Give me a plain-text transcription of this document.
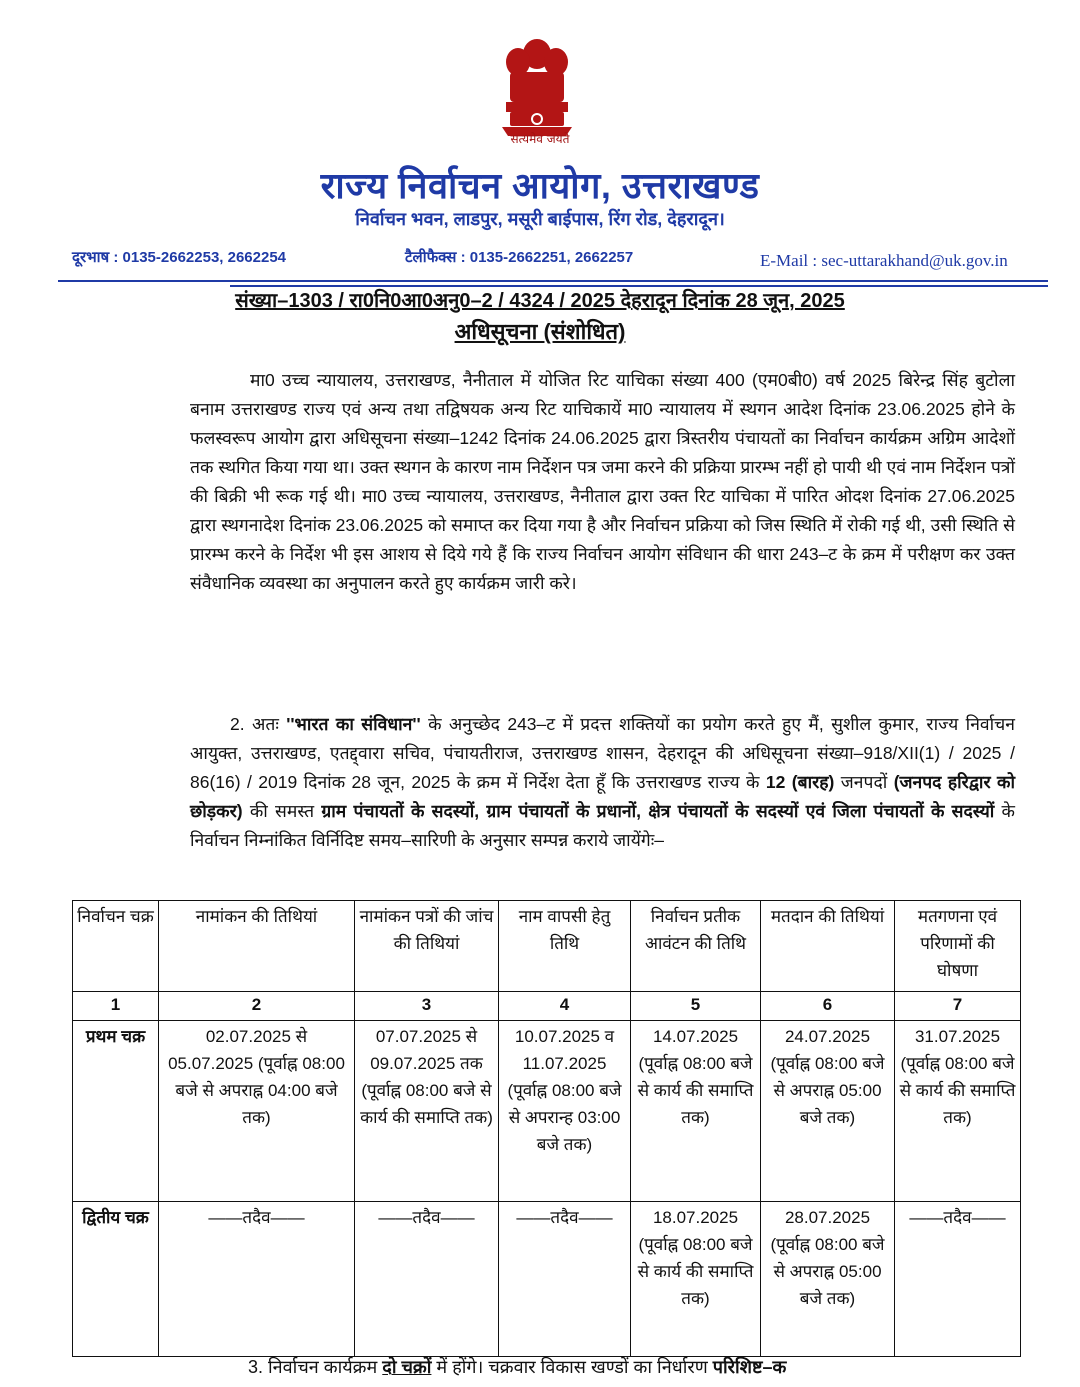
सत्यमेव जयते
राज्य निर्वाचन आयोग, उत्तराखण्ड
निर्वाचन भवन, लाडपुर, मसूरी बाईपास, रिंग रोड, देहरादून।
दूरभाष : 0135-2662253, 2662254	टैलीफैक्स : 0135-2662251, 2662257	E-Mail : sec-uttarakhand@uk.gov.in
संख्या–1303 / रा0नि0आ0अनु0–2 / 4324 / 2025 देहरादून दिनांक 28 जून, 2025
अधिसूचना (संशोधित)
मा0 उच्च न्यायालय, उत्तराखण्ड, नैनीताल में योजित रिट याचिका संख्या 400 (एम0बी0) वर्ष 2025 बिरेन्द्र सिंह बुटोला बनाम उत्तराखण्ड राज्य एवं अन्य तथा तद्विषयक अन्य रिट याचिकायें मा0 न्यायालय में स्थगन आदेश दिनांक 23.06.2025 होने के फलस्वरूप आयोग द्वारा अधिसूचना संख्या–1242 दिनांक 24.06.2025 द्वारा त्रिस्तरीय पंचायतों का निर्वाचन कार्यक्रम अग्रिम आदेशों तक स्थगित किया गया था। उक्त स्थगन के कारण नाम निर्देशन पत्र जमा करने की प्रक्रिया प्रारम्भ नहीं हो पायी थी एवं नाम निर्देशन पत्रों की बिक्री भी रूक गई थी। मा0 उच्च न्यायालय, उत्तराखण्ड, नैनीताल द्वारा उक्त रिट याचिका में पारित ओदश दिनांक 27.06.2025 द्वारा स्थगनादेश दिनांक 23.06.2025 को समाप्त कर दिया गया है और निर्वाचन प्रक्रिया को जिस स्थिति में रोकी गई थी, उसी स्थिति से प्रारम्भ करने के निर्देश भी इस आशय से दिये गये हैं कि राज्य निर्वाचन आयोग संविधान की धारा 243–ट के क्रम में परीक्षण कर उक्त संवैधानिक व्यवस्था का अनुपालन करते हुए कार्यक्रम जारी करे।
2. अतः ''भारत का संविधान'' के अनुच्छेद 243–ट में प्रदत्त शक्तियों का प्रयोग करते हुए मैं, सुशील कुमार, राज्य निर्वाचन आयुक्त, उत्तराखण्ड, एतद्द्वारा सचिव, पंचायतीराज, उत्तराखण्ड शासन, देहरादून की अधिसूचना संख्या–918/XII(1) / 2025 / 86(16) / 2019 दिनांक 28 जून, 2025 के क्रम में निर्देश देता हूँ कि उत्तराखण्ड राज्य के 12 (बारह) जनपदों (जनपद हरिद्वार को छोड़कर) की समस्त ग्राम पंचायतों के सदस्यों, ग्राम पंचायतों के प्रधानों, क्षेत्र पंचायतों के सदस्यों एवं जिला पंचायतों के सदस्यों के निर्वाचन निम्नांकित विर्निदिष्ट समय–सारिणी के अनुसार सम्पन्न कराये जायेंगेः–
निर्वाचन चक्र	नामांकन की तिथियां	नामांकन पत्रों की जांच की तिथियां	नाम वापसी हेतु तिथि	निर्वाचन प्रतीक आवंटन की तिथि	मतदान की तिथियां	मतगणना एवं परिणामों की घोषणा
1	2	3	4	5	6	7
प्रथम चक्र	02.07.2025 से 05.07.2025 (पूर्वाह्न 08:00 बजे से अपराह्न 04:00 बजे तक)	07.07.2025 से 09.07.2025 तक (पूर्वाह्न 08:00 बजे से कार्य की समाप्ति तक)	10.07.2025 व 11.07.2025 (पूर्वाह्न 08:00 बजे से अपरान्ह 03:00 बजे तक)	14.07.2025 (पूर्वाह्न 08:00 बजे से कार्य की समाप्ति तक)	24.07.2025 (पूर्वाह्न 08:00 बजे से अपराह्न 05:00 बजे तक)	31.07.2025 (पूर्वाह्न 08:00 बजे से कार्य की समाप्ति तक)
द्वितीय चक्र	——तदैव——	——तदैव——	——तदैव——	18.07.2025 (पूर्वाह्न 08:00 बजे से कार्य की समाप्ति तक)	28.07.2025 (पूर्वाह्न 08:00 बजे से अपराह्न 05:00 बजे तक)	——तदैव——
3. निर्वाचन कार्यक्रम दो चक्रों में होंगे। चक्रवार विकास खण्डों का निर्धारण परिशिष्ट–क
